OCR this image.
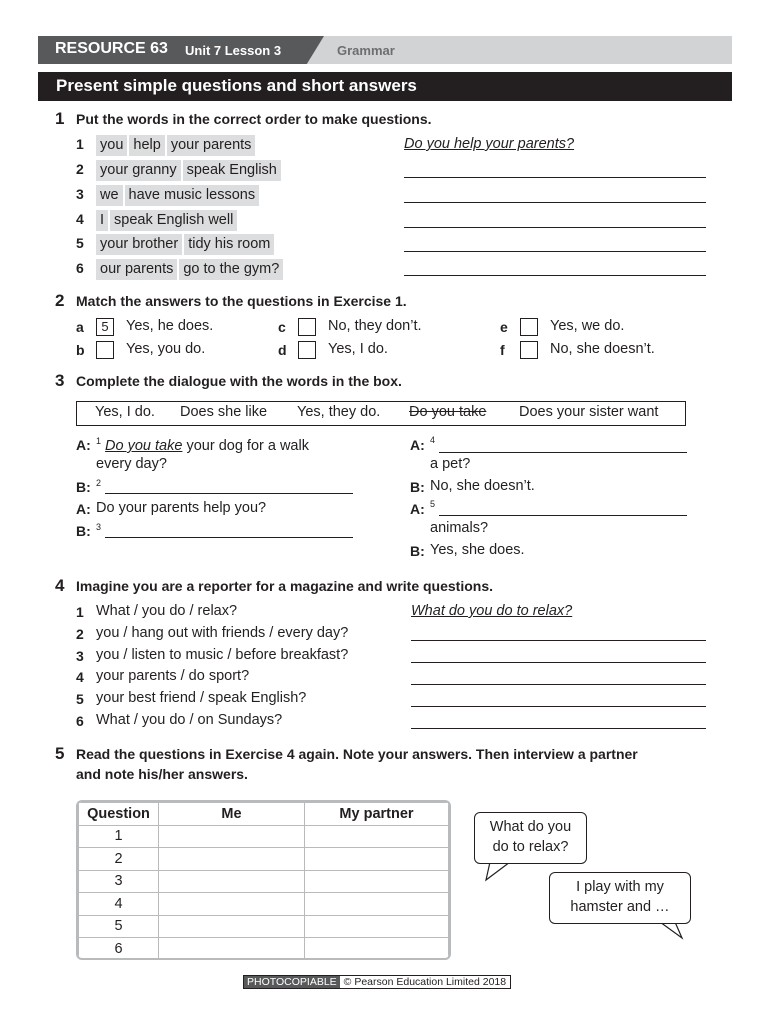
RESOURCE 63 Unit 7 Lesson 3	Grammar
Present simple questions and short answers
1 Put the words in the correct order to make questions.
1 you help your parents	Do you help your parents?
2 your granny speak English
3 we have music lessons
4 I speak English well
5 your brother tidy his room
6 our parents go to the gym?
2 Match the answers to the questions in Exercise 1.
a	5	Yes, he does.
b	Yes, you do.
c	No, they don’t.
d	Yes, I do.
e	Yes, we do.
f	No, she doesn’t.
3 Complete the dialogue with the words in the box.
Yes, I do. Does she like Yes, they do. Do you take Does your sister want
A: $^1$ Do you take your dog for a walk
every day?
B: 2
A: Do your parents help you?
B: 3
A: 4
a pet?
B: No, she doesn’t.
A: 5
animals?
B: Yes, she does.
4 Imagine you are a reporter for a magazine and write questions.
1 What / you do / relax?	What do you do to relax?
2 you / hang out with friends / every day?
3 you / listen to music / before breakfast?
4 your parents / do sport?
5 your best friend / speak English?
6 What / you do / on Sundays?
5 Read the questions in Exercise 4 again. Note your answers. Then interview a partner
and note his/her answers.
Question	Me	My partner
1		
2		
3		
4		
5		
6		
What do you
do to relax?
I play with my
hamster and …
PHOTOCOPIABLE © Pearson Education Limited 2018
